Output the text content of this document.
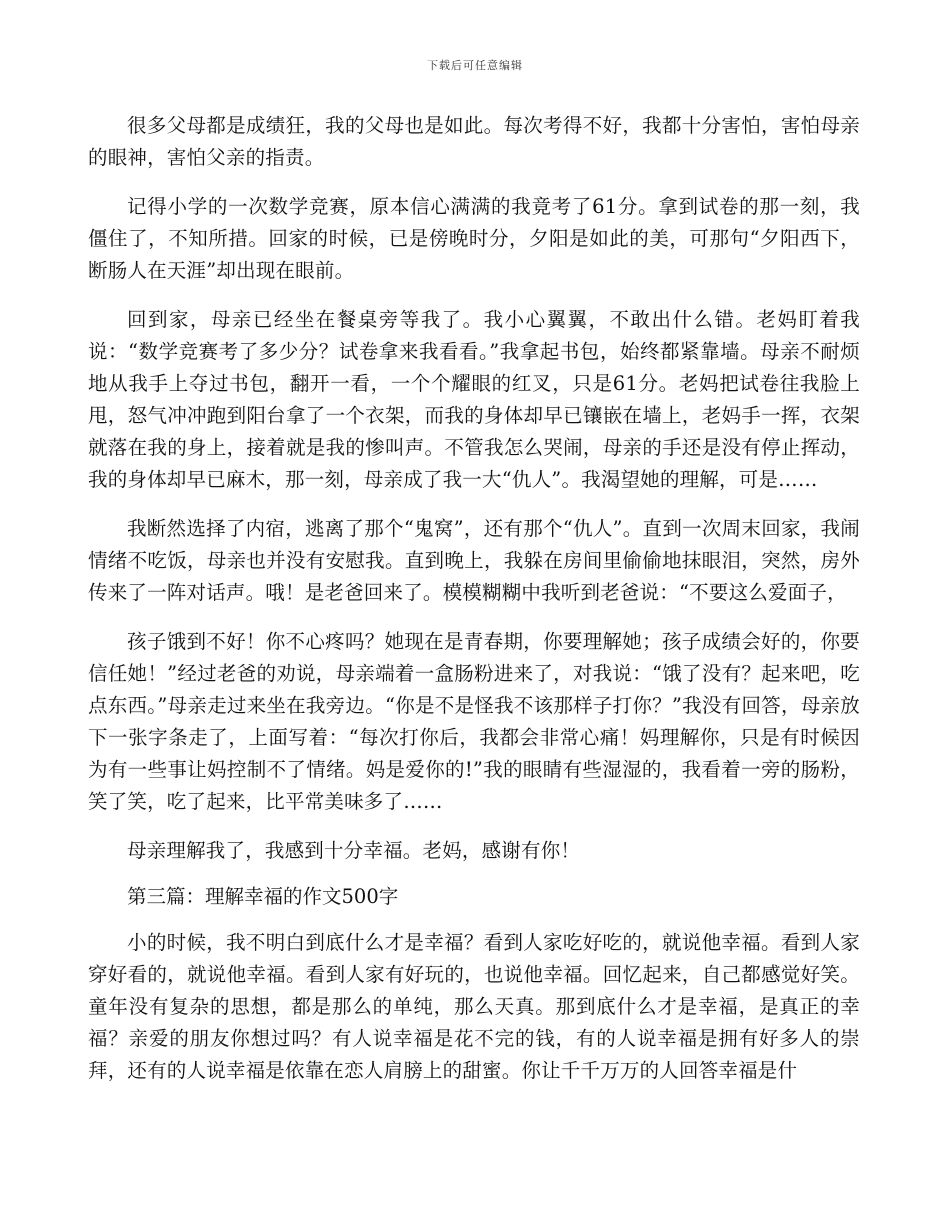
下载后可任意编辑

很多父母都是成绩狂，我的父母也是如此。每次考得不好，我都十分害怕，害怕母亲的眼神，害怕父亲的指责。

记得小学的一次数学竞赛，原本信心满满的我竟考了61分。拿到试卷的那一刻，我僵住了，不知所措。回家的时候，已是傍晚时分，夕阳是如此的美，可那句“夕阳西下，断肠人在天涯”却出现在眼前。

回到家，母亲已经坐在餐桌旁等我了。我小心翼翼，不敢出什么错。老妈盯着我说：“数学竞赛考了多少分？试卷拿来我看看。”我拿起书包，始终都紧靠墙。母亲不耐烦地从我手上夺过书包，翻开一看，一个个耀眼的红叉，只是61分。老妈把试卷往我脸上甩，怒气冲冲跑到阳台拿了一个衣架，而我的身体却早已镶嵌在墙上，老妈手一挥，衣架就落在我的身上，接着就是我的惨叫声。不管我怎么哭闹，母亲的手还是没有停止挥动，我的身体却早已麻木，那一刻，母亲成了我一大“仇人”。我渴望她的理解，可是……

我断然选择了内宿，逃离了那个“鬼窝”，还有那个“仇人”。直到一次周末回家，我闹情绪不吃饭，母亲也并没有安慰我。直到晚上，我躲在房间里偷偷地抹眼泪，突然，房外传来了一阵对话声。哦！是老爸回来了。模模糊糊中我听到老爸说：“不要这么爱面子，

孩子饿到不好！你不心疼吗？她现在是青春期，你要理解她；孩子成绩会好的，你要信任她！”经过老爸的劝说，母亲端着一盒肠粉进来了，对我说：“饿了没有？起来吧，吃点东西。”母亲走过来坐在我旁边。“你是不是怪我不该那样子打你？”我没有回答，母亲放下一张字条走了，上面写着：“每次打你后，我都会非常心痛！妈理解你，只是有时候因为有一些事让妈控制不了情绪。妈是爱你的!”我的眼睛有些湿湿的，我看着一旁的肠粉，笑了笑，吃了起来，比平常美味多了……

母亲理解我了，我感到十分幸福。老妈，感谢有你！

第三篇：理解幸福的作文500字

小的时候，我不明白到底什么才是幸福？看到人家吃好吃的，就说他幸福。看到人家穿好看的，就说他幸福。看到人家有好玩的，也说他幸福。回忆起来，自己都感觉好笑。童年没有复杂的思想，都是那么的单纯，那么天真。那到底什么才是幸福，是真正的幸福？亲爱的朋友你想过吗？有人说幸福是花不完的钱，有的人说幸福是拥有好多人的崇拜，还有的人说幸福是依靠在恋人肩膀上的甜蜜。你让千千万万的人回答幸福是什
